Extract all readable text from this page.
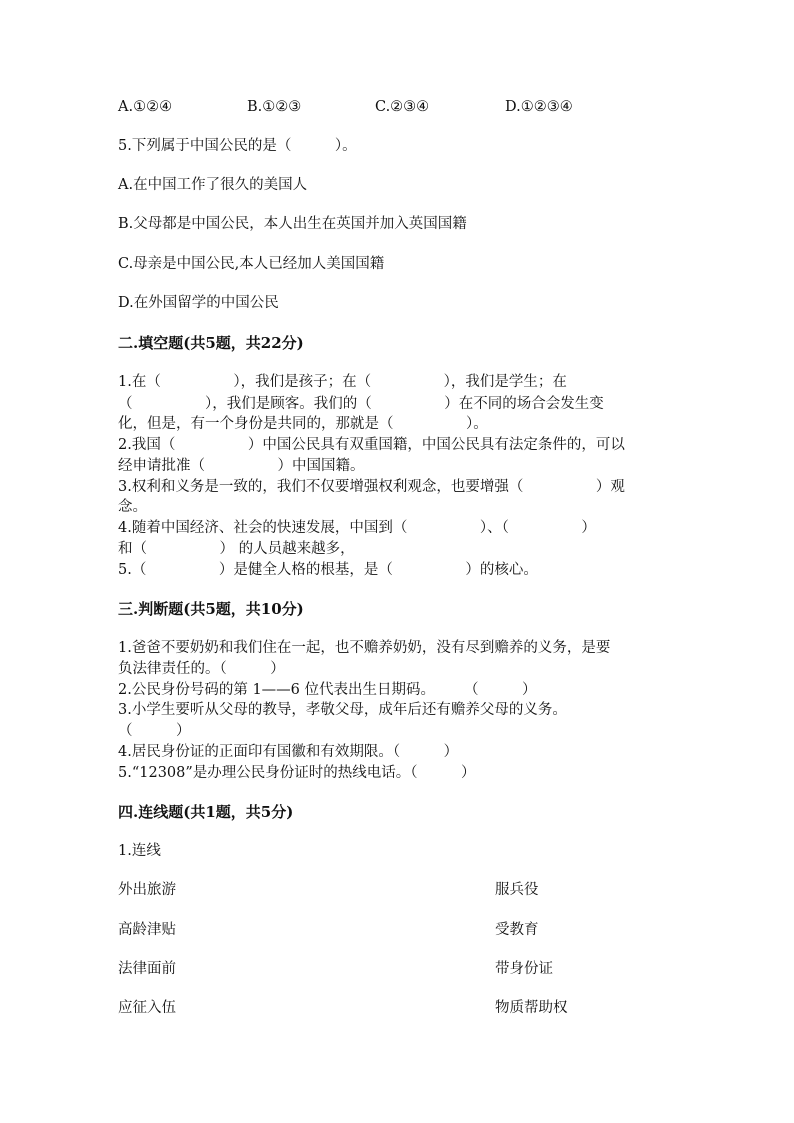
A.①②④	B.①②③	C.②③④	D.①②③④
5.下列属于中国公民的是（　　　）。
A.在中国工作了很久的美国人
B.父母都是中国公民，本人出生在英国并加入英国国籍
C.母亲是中国公民,本人已经加人美国国籍
D.在外国留学的中国公民
二.填空题(共5题，共22分)
1.在（　　　　　），我们是孩子；在（　　　　　），我们是学生；在
（　　　　　），我们是顾客。我们的（　　　　　）在不同的场合会发生变
化，但是，有一个身份是共同的，那就是（　　　　　）。
2.我国（　　　　　）中国公民具有双重国籍，中国公民具有法定条件的，可以
经申请批准（　　　　　）中国国籍。
3.权利和义务是一致的，我们不仅要增强权利观念，也要增强（　　　　　）观
念。
4.随着中国经济、社会的快速发展，中国到（　　　　　）、（　　　　　）
和（　　　　　） 的人员越来越多，
5.（　　　　　）是健全人格的根基，是（　　　　　）的核心。
三.判断题(共5题，共10分)
1.爸爸不要奶奶和我们住在一起，也不赡养奶奶，没有尽到赡养的义务，是要
负法律责任的。（　　　）
2.公民身份号码的第 1——6 位代表出生日期码。　　　（　　　）
3.小学生要听从父母的教导，孝敬父母，成年后还有赡养父母的义务。
（　　　）
4.居民身份证的正面印有国徽和有效期限。（　　　）
5.“12308”是办理公民身份证时的热线电话。（　　　）
四.连线题(共1题，共5分)
1.连线
外出旅游	服兵役
高龄津贴	受教育
法律面前	带身份证
应征入伍	物质帮助权
